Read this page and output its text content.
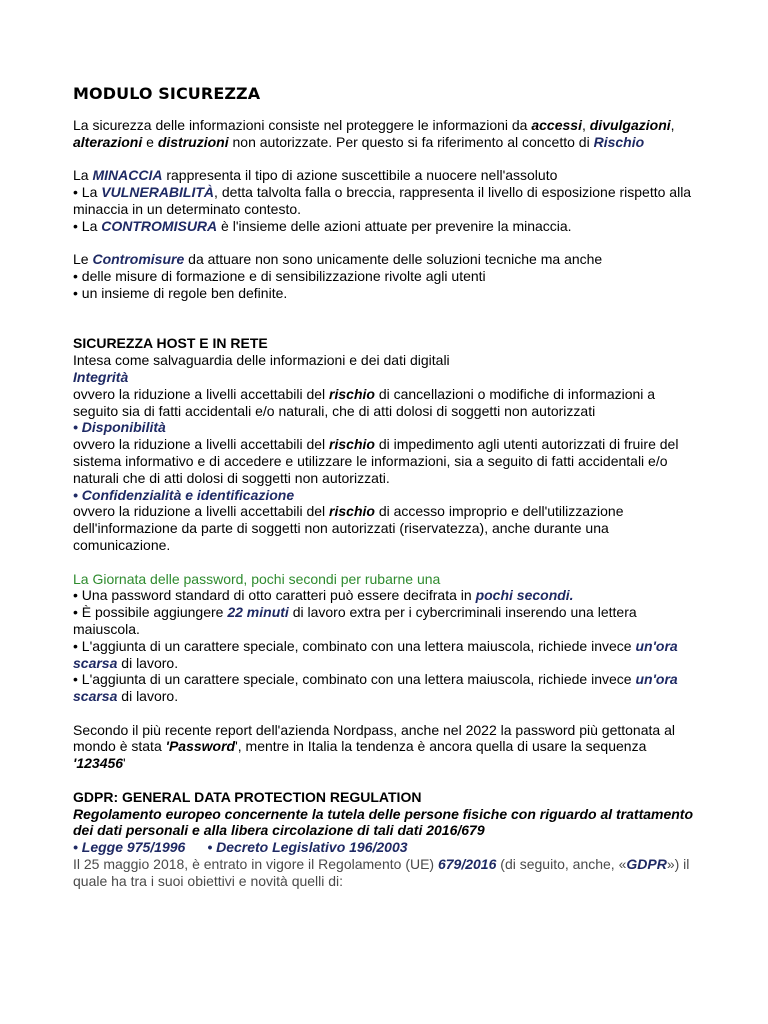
MODULO SICUREZZA

La sicurezza delle informazioni consiste nel proteggere le informazioni da accessi, divulgazioni, alterazioni e distruzioni non autorizzate. Per questo si fa riferimento al concetto di Rischio

La MINACCIA rappresenta il tipo di azione suscettibile a nuocere nell'assoluto

• La VULNERABILITÀ, detta talvolta falla o breccia, rappresenta il livello di esposizione rispetto alla minaccia in un determinato contesto.

• La CONTROMISURA è l'insieme delle azioni attuate per prevenire la minaccia.

Le Contromisure da attuare non sono unicamente delle soluzioni tecniche ma anche

• delle misure di formazione e di sensibilizzazione rivolte agli utenti

• un insieme di regole ben definite.

SICUREZZA HOST E IN RETE

Intesa come salvaguardia delle informazioni e dei dati digitali

Integrità

ovvero la riduzione a livelli accettabili del rischio di cancellazioni o modifiche di informazioni a seguito sia di fatti accidentali e/o naturali, che di atti dolosi di soggetti non autorizzati

• Disponibilità

ovvero la riduzione a livelli accettabili del rischio di impedimento agli utenti autorizzati di fruire del sistema informativo e di accedere e utilizzare le informazioni, sia a seguito di fatti accidentali e/o naturali che di atti dolosi di soggetti non autorizzati.

• Confidenzialità e identificazione

ovvero la riduzione a livelli accettabili del rischio di accesso improprio e dell'utilizzazione dell'informazione da parte di soggetti non autorizzati (riservatezza), anche durante una comunicazione.

La Giornata delle password, pochi secondi per rubarne una

• Una password standard di otto caratteri può essere decifrata in pochi secondi.

• È possibile aggiungere 22 minuti di lavoro extra per i cybercriminali inserendo una lettera maiuscola.

• L'aggiunta di un carattere speciale, combinato con una lettera maiuscola, richiede invece un'ora scarsa di lavoro.

• L'aggiunta di un carattere speciale, combinato con una lettera maiuscola, richiede invece un'ora scarsa di lavoro.

Secondo il più recente report dell'azienda Nordpass, anche nel 2022 la password più gettonata al mondo è stata 'Password', mentre in Italia la tendenza è ancora quella di usare la sequenza '123456'

GDPR: GENERAL DATA PROTECTION REGULATION

Regolamento europeo concernente la tutela delle persone fisiche con riguardo al trattamento dei dati personali e alla libera circolazione di tali dati 2016/679

• Legge 975/1996 • Decreto Legislativo 196/2003

Il 25 maggio 2018, è entrato in vigore il Regolamento (UE) 679/2016 (di seguito, anche, «GDPR») il quale ha tra i suoi obiettivi e novità quelli di:
